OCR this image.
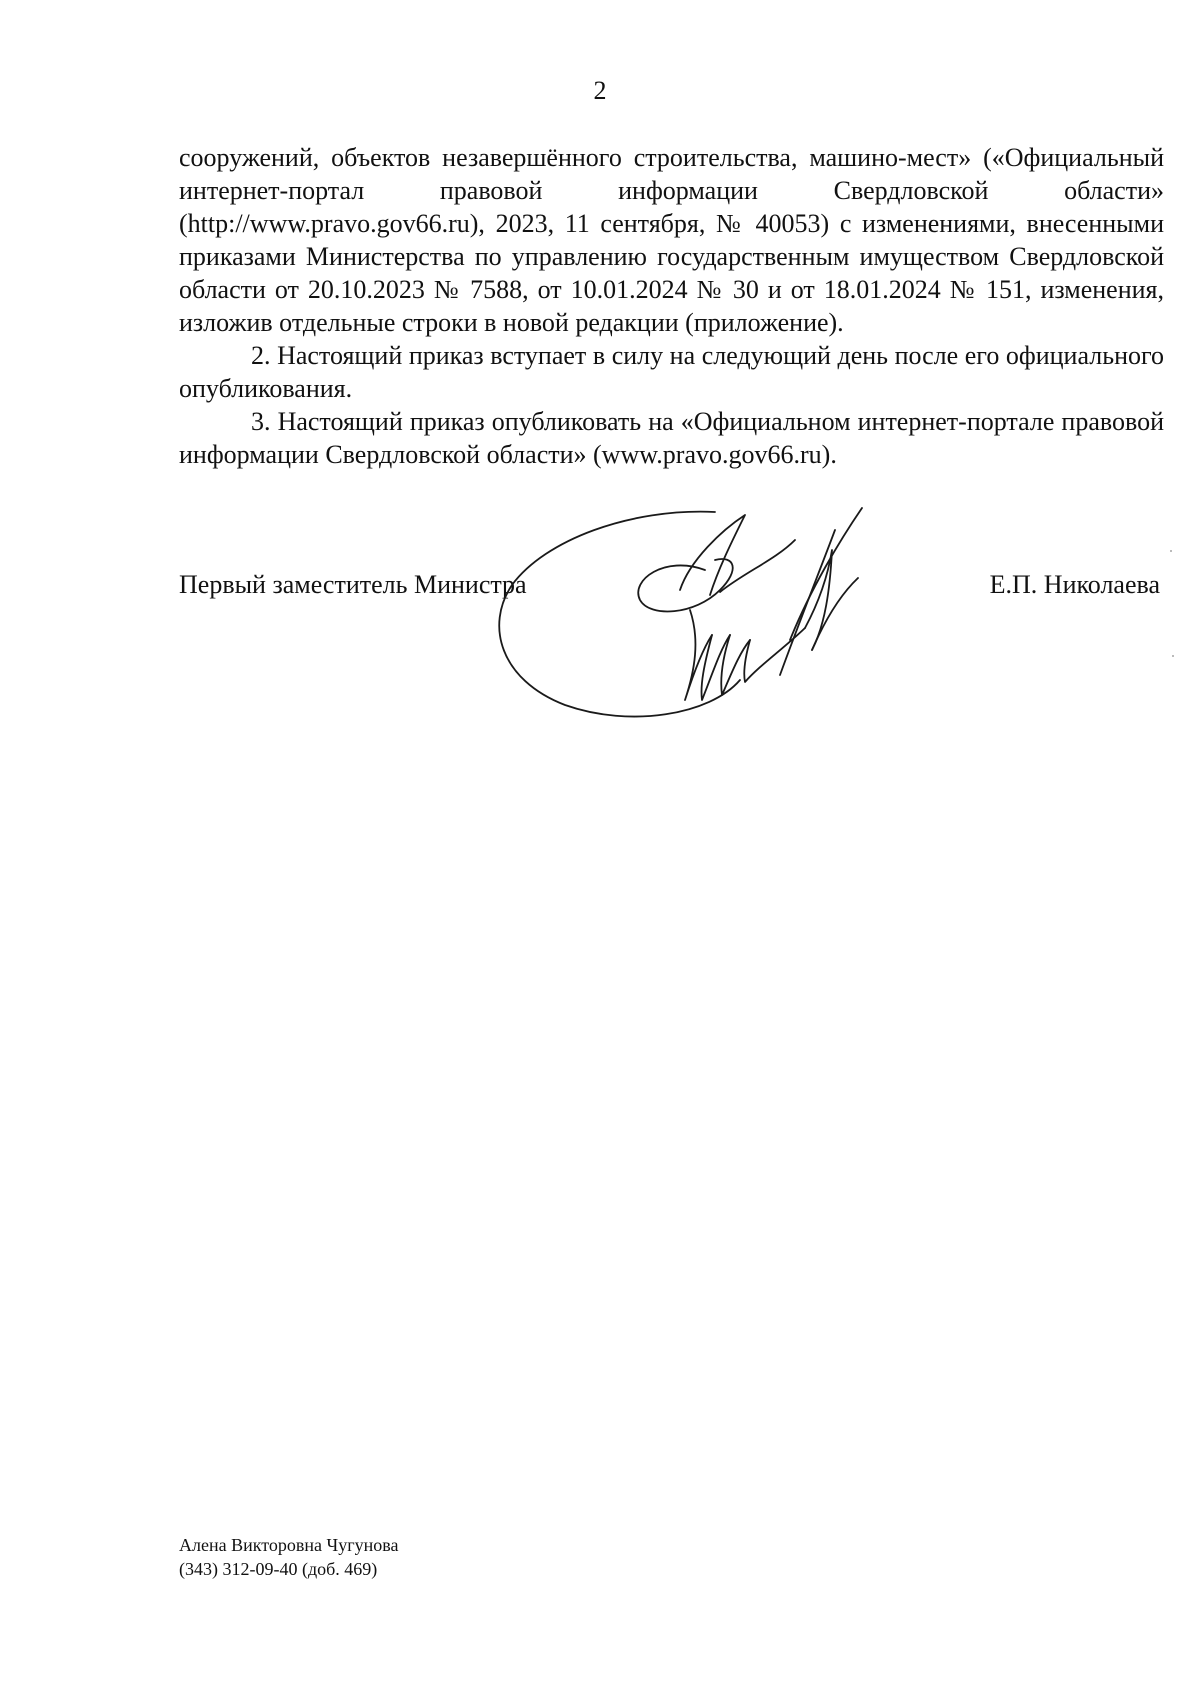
2

сооружений, объектов незавершённого строительства, машино-мест» («Официальный интернет-портал правовой информации Свердловской области» (http://www.pravo.gov66.ru), 2023, 11 сентября, № 40053) с изменениями, внесенными приказами Министерства по управлению государственным имуществом Свердловской области от 20.10.2023 № 7588, от 10.01.2024 № 30 и от 18.01.2024 № 151, изменения, изложив отдельные строки в новой редакции (приложение).

2. Настоящий приказ вступает в силу на следующий день после его официального опубликования.

3. Настоящий приказ опубликовать на «Официальном интернет-портале правовой информации Свердловской области» (www.pravo.gov66.ru).

Первый заместитель Министра	Е.П. Николаева
Алена Викторовна Чугунова
(343) 312-09-40 (доб. 469)
